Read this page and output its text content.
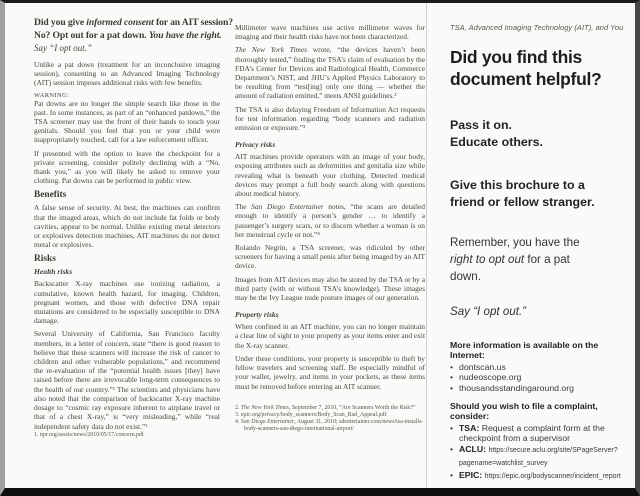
Did you give informed consent for an AIT session?
No? Opt out for a pat down. You have the right.
Say “I opt out.”

Unlike a pat down (treatment for an inconclusive imaging session), consenting to an Advanced Imaging Technology (AIT) session imposes additional risks with few benefits.

WARNING:

Pat downs are no longer the simple search like those in the past. In some instances, as part of an “enhanced patdown,” the TSA screener may use the front of their hands to touch your genitals. Should you feel that you or your child were inappropriately touched, call for a law enforcement officer.

If presented with the option to leave the checkpoint for a private screening, consider politely declining with a “No, thank you,” as you will likely be asked to remove your clothing. Pat downs can be performed in public view.

Benefits

A false sense of security. At best, the machines can confirm that the imaged areas, which do not include fat folds or body cavities, appear to be normal. Unlike existing metal detectors or explosives detection machines, AIT machines do not detect metal or explosives.

Risks
Health risks

Backscatter X-ray machines use ionizing radiation, a cumulative, known health hazard, for imaging. Children, pregnant women, and those with defective DNA repair mutations are considered to be especially susceptible to DNA damage.

Several University of California, San Francisco faculty members, in a letter of concern, state “there is good reason to believe that these scanners will increase the risk of cancer to children and other vulnerable populations,” and recommend the re-evaluation of the “potential health issues [they] have raised before there are irrevocable long-term consequences to the health of our country.”¹ The scientists and physicians have also noted that the comparison of backscatter X-ray machine dosage to “cosmic ray exposure inherent to airplane travel or that of a chest X-ray,” is “very misleading,” while “real independent safety data do not exist.”²

1. npr.org/assets/news/2010/05/17/concern.pdf

Millimeter wave machines use active millimeter waves for imaging and their health risks have not been characterized.

The New York Times wrote, “the devices haven’t been thoroughly tested,” finding the TSA’s claim of evaluation by the FDA’s Center for Devices and Radiological Health, Commerce Department’s NIST, and JHU’s Applied Physics Laboratory to be resulting from “test[ing] only one thing — whether the amount of radiation emitted,” meets ANSI guidelines.²

The TSA is also delaying Freedom of Information Act requests for test information regarding “body scanners and radiation emission or exposure.”³

Privacy risks

AIT machines provide operators with an image of your body, exposing attributes such as deformities and genitalia size while revealing what is beneath your clothing. Detected medical devices may prompt a full body search along with questions about medical history.

The San Diego Entertainer notes, “the scans are detailed enough to identify a person’s gender … to identify a passenger’s surgery scars, or to discern whether a woman is on her menstrual cycle or not.”⁴

Rolando Negrin, a TSA screener, was ridiculed by other screeners for having a small penis after being imaged by an AIT device.

Images from AIT devices may also be stored by the TSA or by a third party (with or without TSA’s knowledge). These images may be the Ivy League nude posture images of our generation.

Property risks

When confined in an AIT machine, you can no longer maintain a clear line of sight to your property as your items enter and exit the X-ray scanner.

Under these conditions, your property is susceptible to theft by fellow travelers and screening staff. Be especially mindful of your wallet, jewelry, and items in your pockets, as these items must be removed before entering an AIT scanner.

2. The New York Times, September 7, 2010, “Are Scanners Worth the Risk?”
3. epic.org/privacy/body_scanners/Body_Scan_Rad_Appeal.pdf
4. San Diego Entertainer, August 31, 2010; sdentertainer.com/news/tsa-installs-body-scanners-san-diego-international-airport/
TSA, Advanced Imaging Technology (AIT), and You
Did you find this document helpful?
Pass it on.
Educate others.
Give this brochure to a friend or fellow stranger.
Remember, you have the right to opt out for a pat down.
Say “I opt out.”
More information is available on the Internet:
• dontscan.us
• nudeoscope.org
• thousandsstandingaround.org
Should you wish to file a complaint, consider:
• TSA: Request a complaint form at the checkpoint from a supervisor
• ACLU: https://secure.aclu.org/site/SPageServer?pagename=watchlist_survey
• EPIC: https://epic.org/bodyscanner/incident_report
